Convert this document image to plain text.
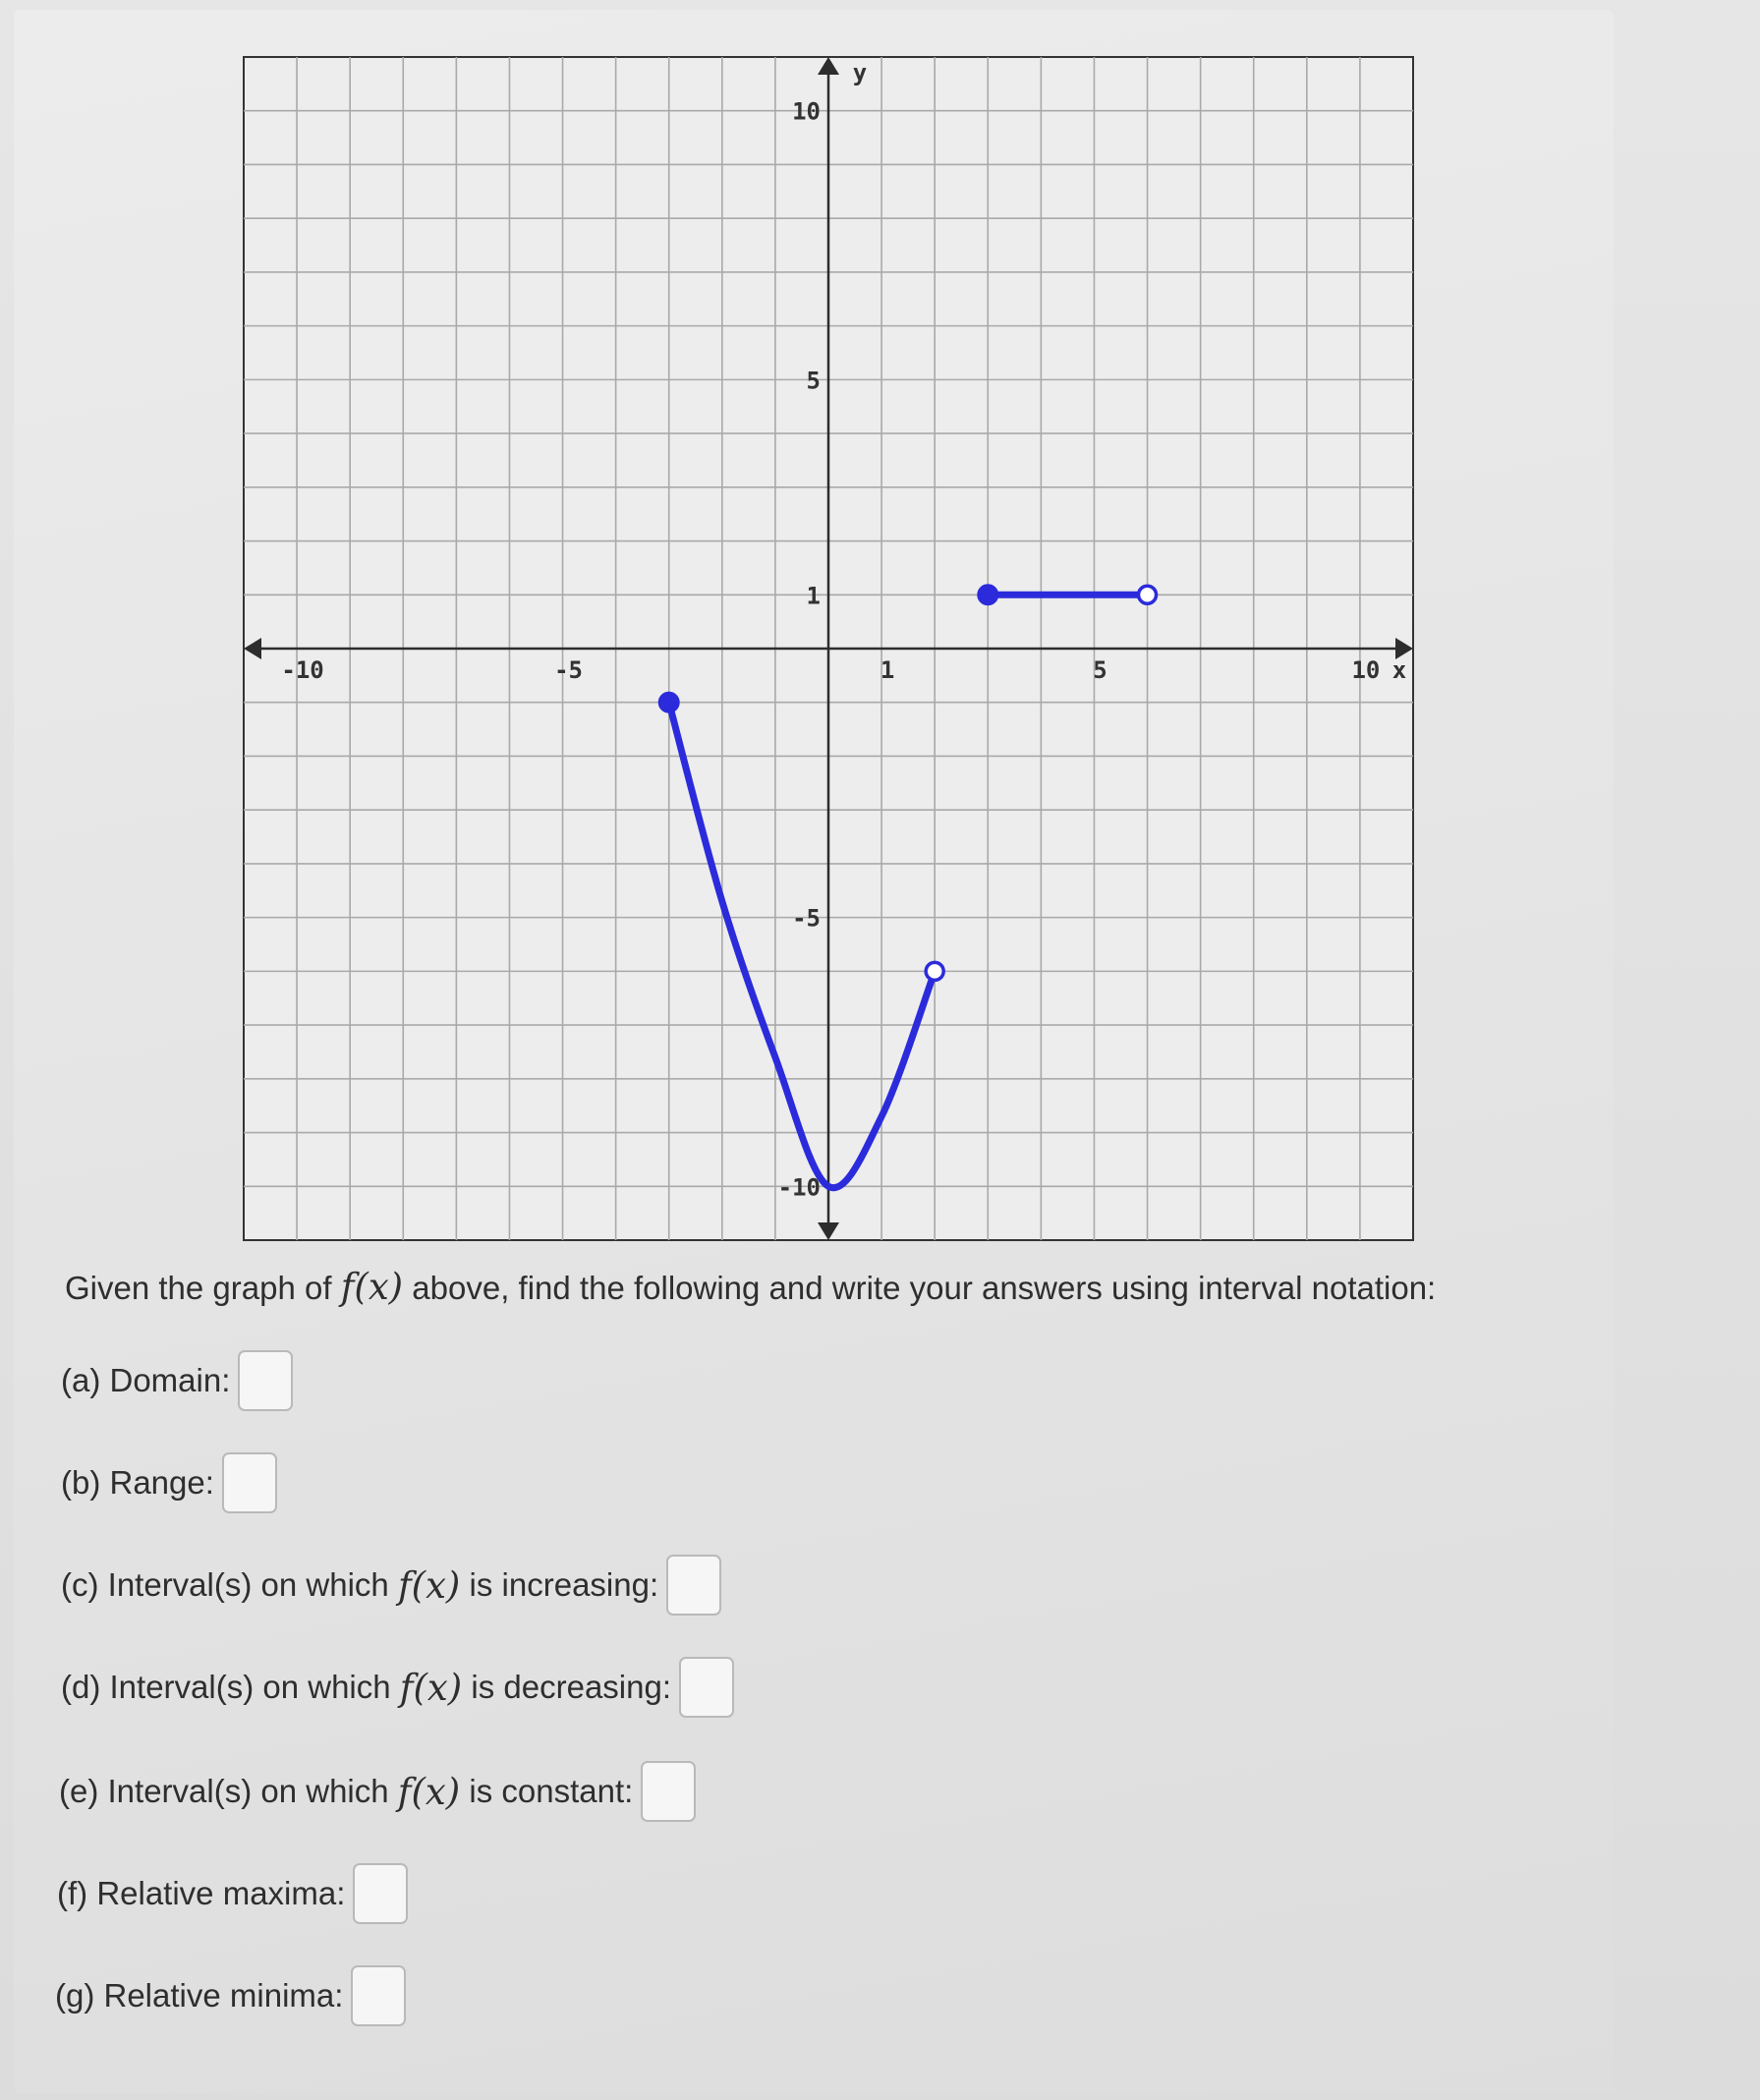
-10	-5	1	5	10
10
5
1
-5
-10
x
y
Given the graph of f(x) above, find the following and write your answers using interval notation:
(a) Domain:
(b) Range:
(c) Interval(s) on which
f(x)
is increasing:
(d) Interval(s) on which
f(x)
is decreasing:
(e) Interval(s) on which
f(x)
is constant:
(f) Relative maxima:
(g) Relative minima:
